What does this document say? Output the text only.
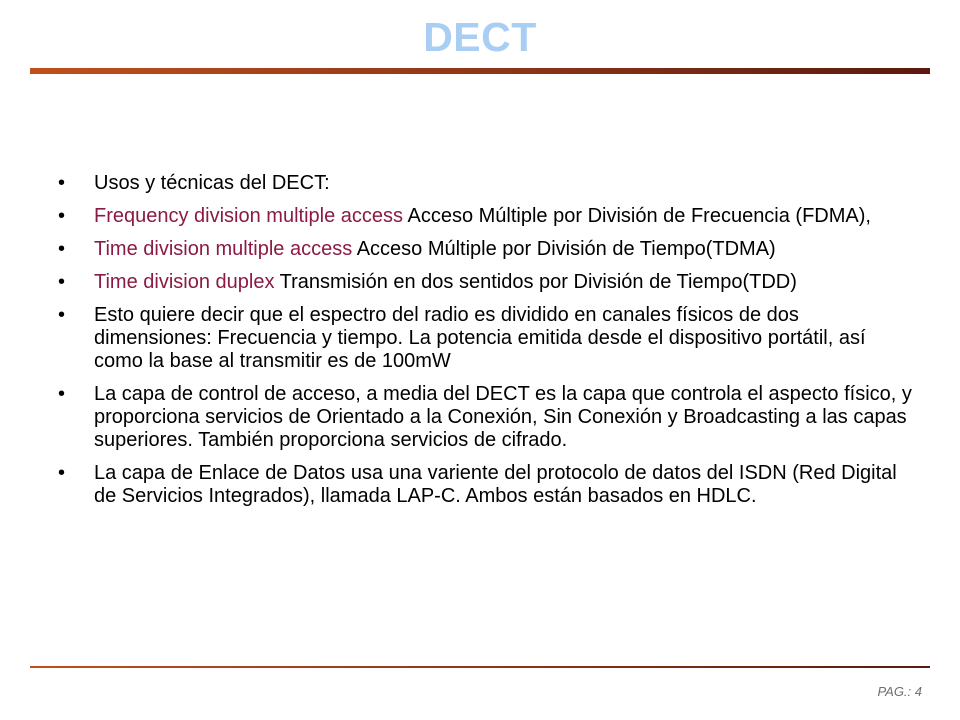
DECT
•	Usos y técnicas del DECT:
•	Frequency division multiple access Acceso Múltiple por División de Frecuencia (FDMA),
•	Time division multiple access Acceso Múltiple por División de Tiempo(TDMA)
•	Time division duplex Transmisión en dos sentidos por División de Tiempo(TDD)
•	Esto quiere decir que el espectro del radio es dividido en canales físicos de dos dimensiones: Frecuencia y tiempo. La potencia emitida desde el dispositivo portátil, así como la base al transmitir es de 100mW
•	La capa de control de acceso, a media del DECT es la capa que controla el aspecto físico, y proporciona servicios de Orientado a la Conexión, Sin Conexión y Broadcasting a las capas superiores. También proporciona servicios de cifrado.
•	La capa de Enlace de Datos usa una variente del protocolo de datos del ISDN (Red Digital de Servicios Integrados), llamada LAP-C. Ambos están basados en HDLC.
PAG.: 4
